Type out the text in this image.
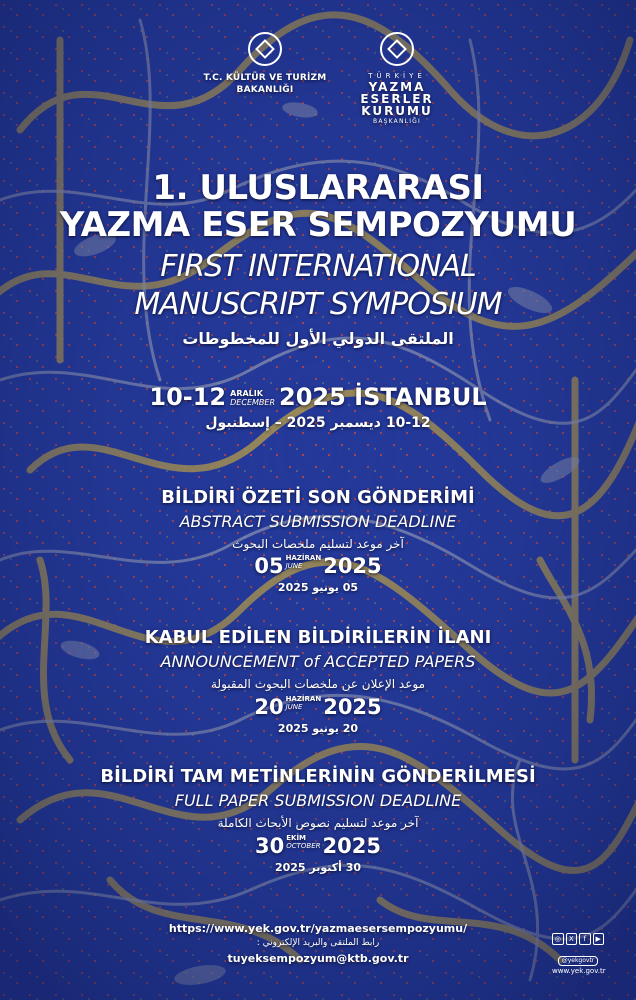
T.C. KÜLTÜR VE TURİZM
BAKANLIĞI
TÜRKİYE
YAZMA
ESERLER
KURUMU
BAŞKANLIĞI
1. ULUSLARARASI
YAZMA ESER SEMPOZYUMU
FIRST INTERNATIONAL
MANUSCRIPT SYMPOSIUM
الملتقى الدولي الأول للمخطوطات
10-12 ARALIK
DECEMBER 2025 İSTANBUL
10-12 ديسمبر 2025 – إسطنبول
BİLDİRİ ÖZETİ SON GÖNDERİMİ
ABSTRACT SUBMISSION DEADLINE
آخر موعد لتسليم ملخصات البحوث
05 HAZİRAN
JUNE 2025
05 يونيو 2025
KABUL EDİLEN BİLDİRİLERİN İLANI
ANNOUNCEMENT of ACCEPTED PAPERS
موعد الإعلان عن ملخصات البحوث المقبولة
20 HAZİRAN
JUNE 2025
20 يونيو 2025
BİLDİRİ TAM METİNLERİNİN GÖNDERİLMESİ
FULL PAPER SUBMISSION DEADLINE
آخر موعد لتسليم نصوص الأبحاث الكاملة
30 EKİM
OCTOBER 2025
30 أكتوبر 2025
https://www.yek.gov.tr/yazmaesersempozyumu/
رابط الملتقى والبريد الإلكتروني :
tuyeksempozyum@ktb.gov.tr
◎	X	f	▶
@yekgovtr
www.yek.gov.tr
